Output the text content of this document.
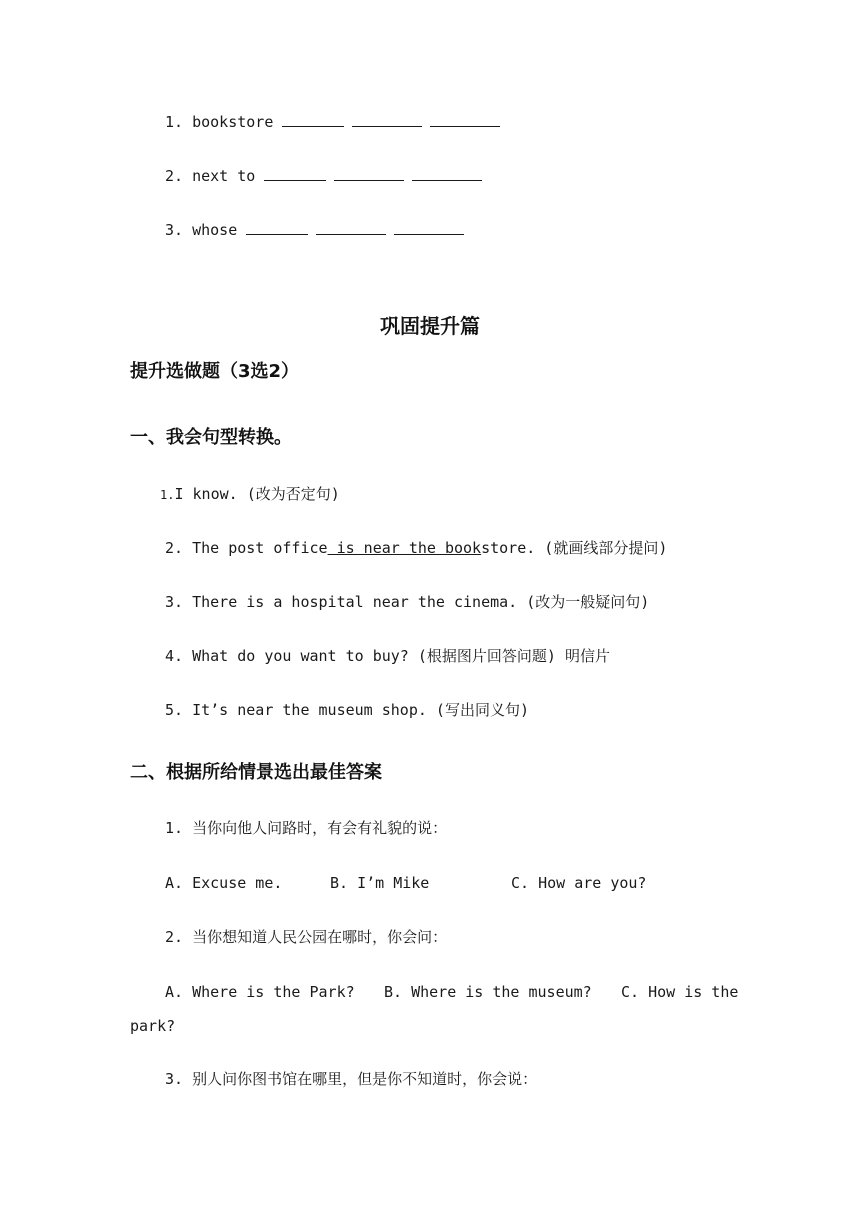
1. bookstore
2. next to
3. whose
巩固提升篇
提升选做题（3选2）
一、我会句型转换。
1.I know. (改为否定句)
2. The post office is near the bookstore. (就画线部分提问)
3. There is a hospital near the cinema. (改为一般疑问句)
4. What do you want to buy? (根据图片回答问题) 明信片
5. It’s near the museum shop. (写出同义句)
二、根据所给情景选出最佳答案
1. 当你向他人问路时，有会有礼貌的说：
A. Excuse me.	B. I’m Mike	C. How are you?
2. 当你想知道人民公园在哪时，你会问：
A. Where is the Park? B. Where is the museum? C. How is the
park?
3. 别人问你图书馆在哪里，但是你不知道时，你会说：
